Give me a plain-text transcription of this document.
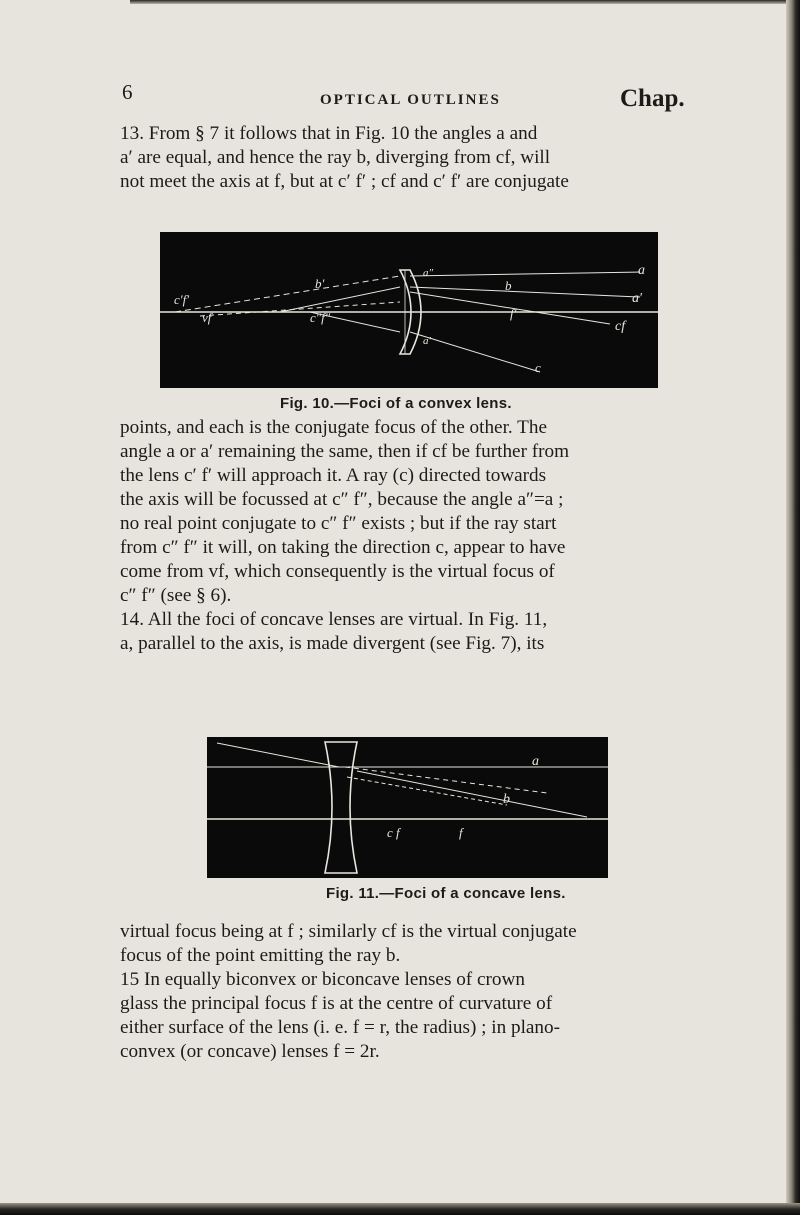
6	OPTICAL OUTLINES	Chap.

13. From § 7 it follows that in Fig. 10 the angles a and
a′ are equal, and hence the ray b, diverging from cf, will
not meet the axis at f, but at c′ f′ ; cf and c′ f′ are conjugate

c′f′
vf	c″f″
b′
a″	a
b
a′
f′
cf
c
a′
Fig. 10.—Foci of a convex lens.

points, and each is the conjugate focus of the other. The
angle a or a′ remaining the same, then if cf be further from
the lens c′ f′ will approach it. A ray (c) directed towards
the axis will be focussed at c″ f″, because the angle a″=a ;
no real point conjugate to c″ f″ exists ; but if the ray start
from c″ f″ it will, on taking the direction c, appear to have
come from vf, which consequently is the virtual focus of
c″ f″ (see § 6).
14. All the foci of concave lenses are virtual. In Fig. 11,
a, parallel to the axis, is made divergent (see Fig. 7), its

a
b
c f	f
Fig. 11.—Foci of a concave lens.

virtual focus being at f ; similarly cf is the virtual conjugate
focus of the point emitting the ray b.
15 In equally biconvex or biconcave lenses of crown
glass the principal focus f is at the centre of curvature of
either surface of the lens (i. e. f = r, the radius) ; in plano-
convex (or concave) lenses f = 2r.
